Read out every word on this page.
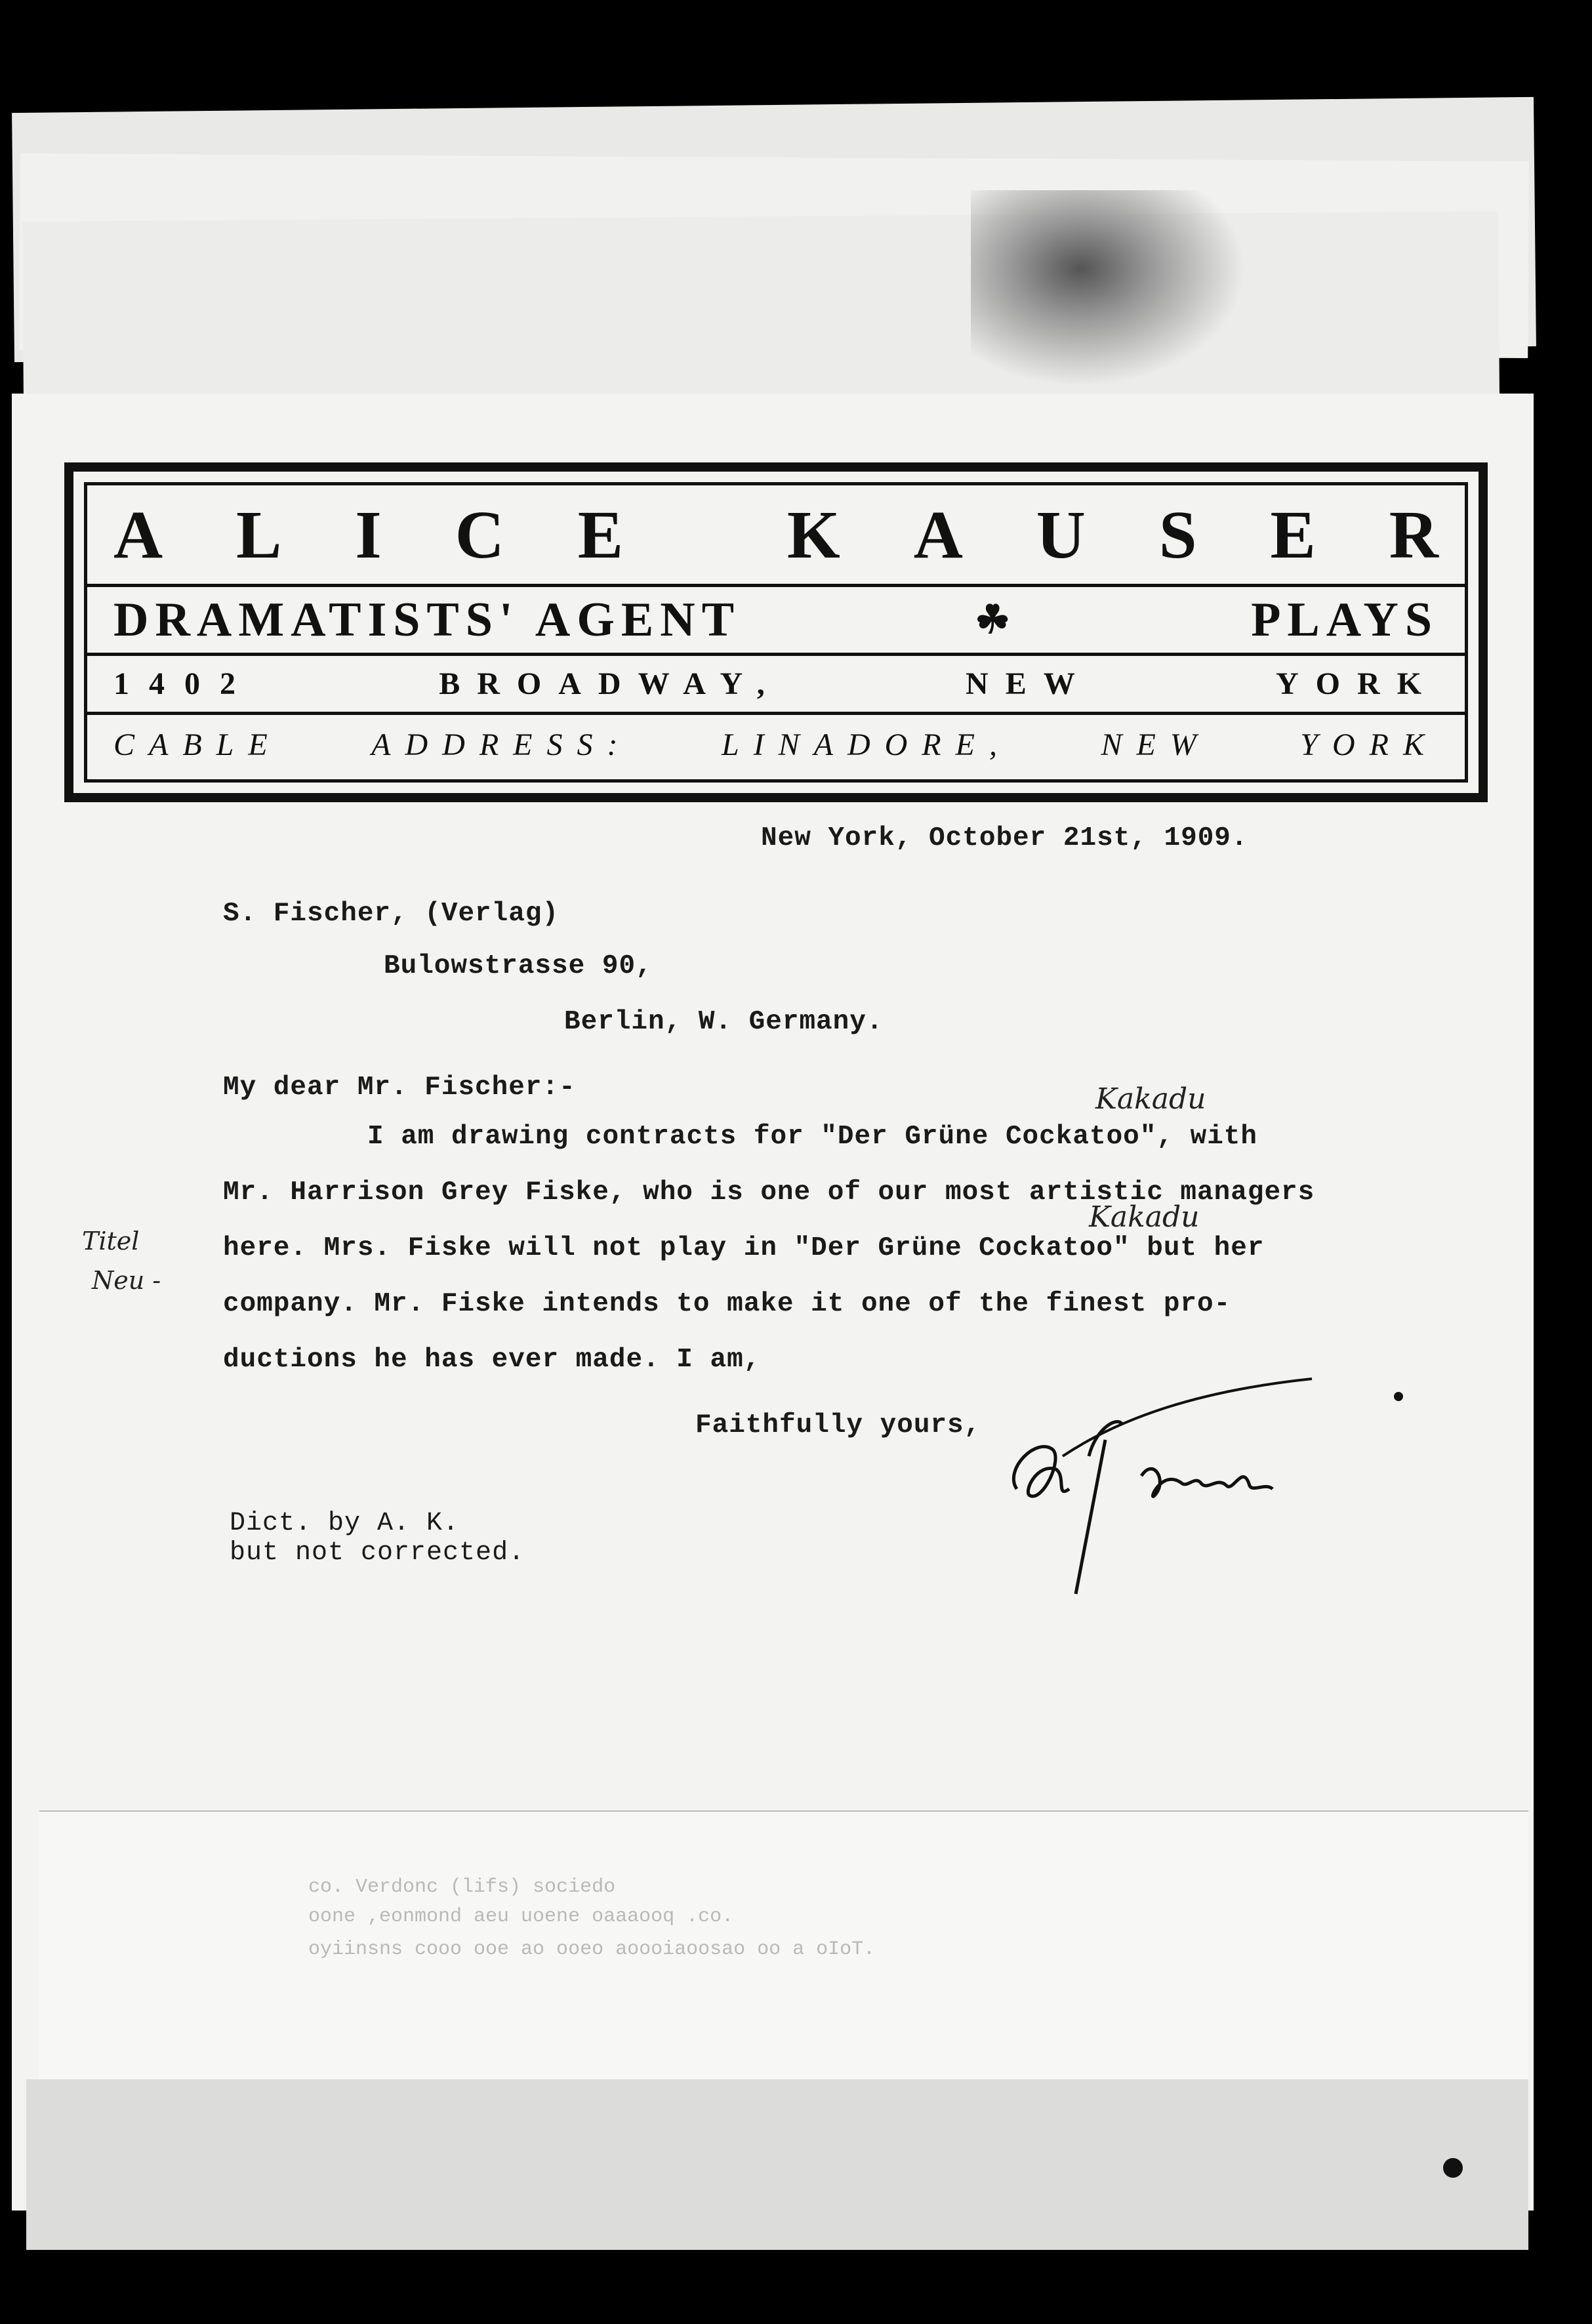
co. Verdonc (lifs) sociedo
oone ,eonmond aeu uoene oaaaooq .co.
oyiinsns cooo ooe ao ooeo aoooiaoosao oo a oIoT.
A L I C E
K A U S E R
DRAMATISTS' AGENT	☘	PLAYS
1402	BROADWAY,	NEW	YORK
CABLE	ADDRESS:	LINADORE,	NEW	YORK
New York, October 21st, 1909.
S. Fischer, (Verlag)
Bulowstrasse 90,
Berlin, W. Germany.
My dear Mr. Fischer:-
I am drawing contracts for "Der Grüne Cockatoo", with
Mr. Harrison Grey Fiske, who is one of our most artistic managers
here. Mrs. Fiske will not play in "Der Grüne Cockatoo" but her
company. Mr. Fiske intends to make it one of the finest pro-
ductions he has ever made. I am,
Faithfully yours,
Dict. by A. K.
but not corrected.
Kakadu
Kakadu
Titel
Neu -
